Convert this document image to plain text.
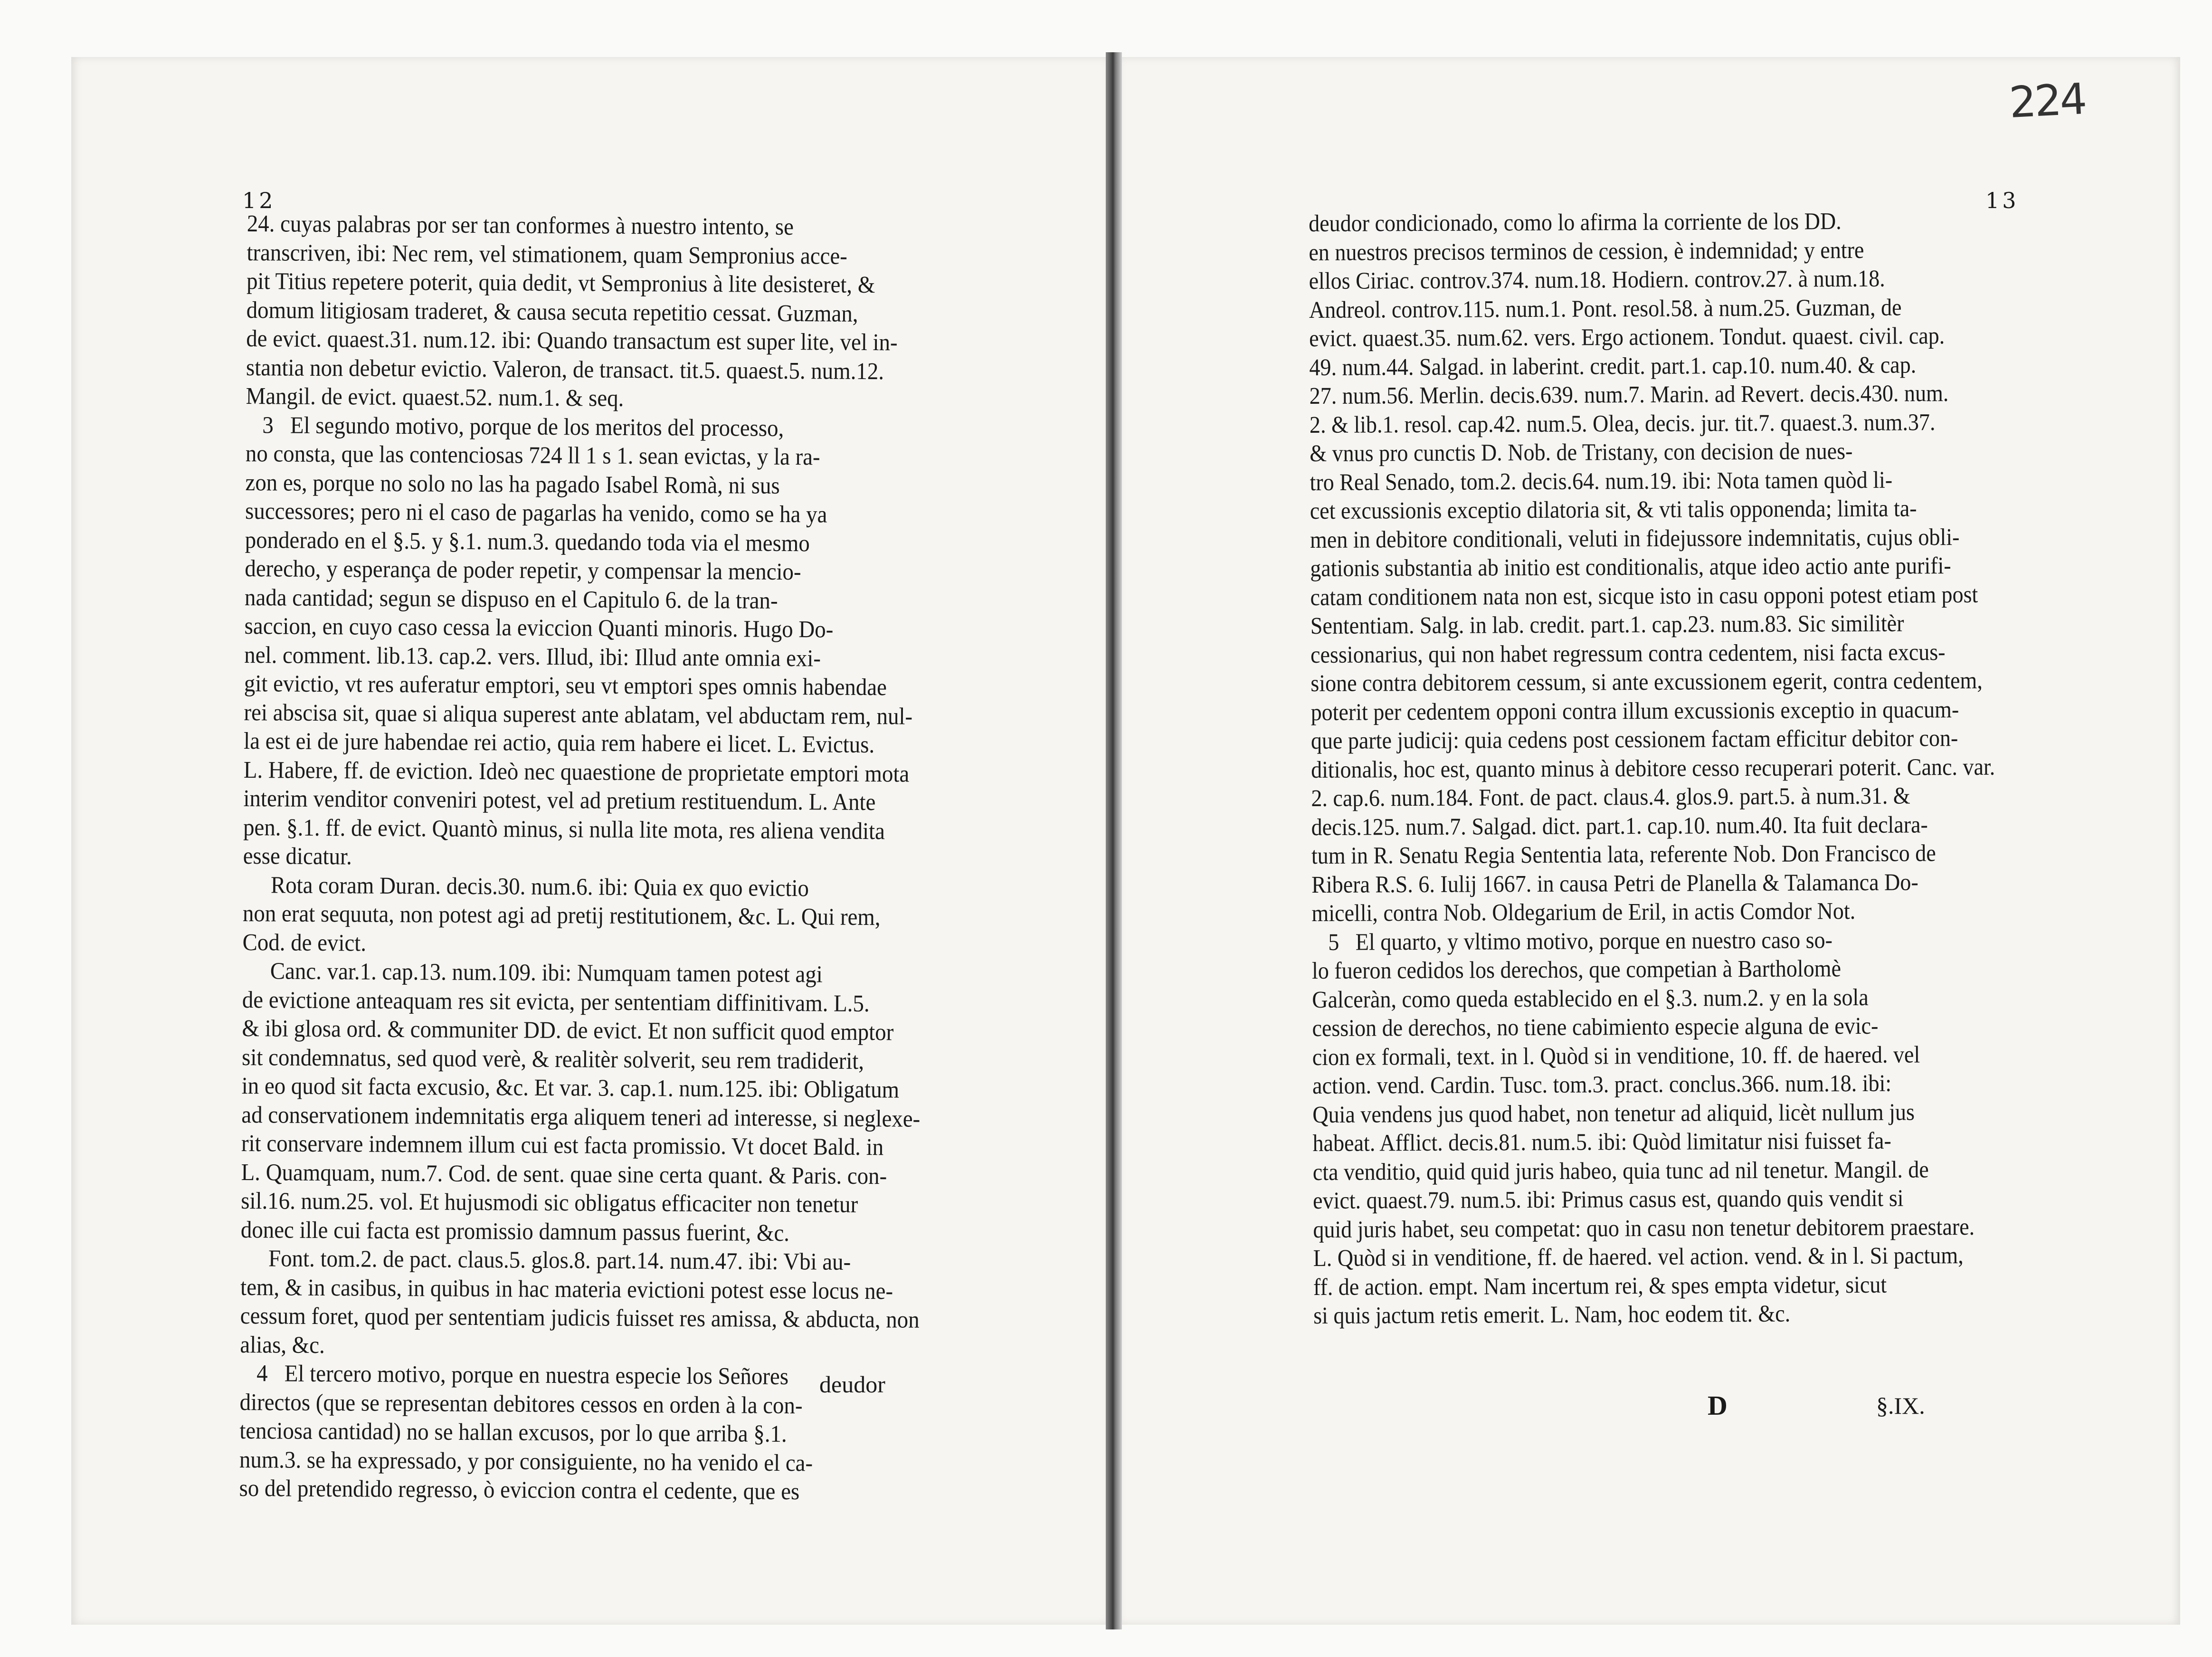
224
12	13
24. cuyas palabras por ser tan conformes à nuestro intento, se
transcriven, ibi: Nec rem, vel stimationem, quam Sempronius acce-
pit Titius repetere poterit, quia dedit, vt Sempronius à lite desisteret, &
domum litigiosam traderet, & causa secuta repetitio cessat. Guzman,
de evict. quaest.31. num.12. ibi: Quando transactum est super lite, vel in-
stantia non debetur evictio. Valeron, de transact. tit.5. quaest.5. num.12.
Mangil. de evict. quaest.52. num.1. & seq.
3   El segundo motivo, porque de los meritos del processo,
no consta, que las contenciosas 724 ll 1 s 1. sean evictas, y la ra-
zon es, porque no solo no las ha pagado Isabel Romà, ni sus
successores; pero ni el caso de pagarlas ha venido, como se ha ya
ponderado en el §.5. y §.1. num.3. quedando toda via el mesmo
derecho, y esperança de poder repetir, y compensar la mencio-
nada cantidad; segun se dispuso en el Capitulo 6. de la tran-
saccion, en cuyo caso cessa la eviccion Quanti minoris. Hugo Do-
nel. comment. lib.13. cap.2. vers. Illud, ibi: Illud ante omnia exi-
git evictio, vt res auferatur emptori, seu vt emptori spes omnis habendae
rei abscisa sit, quae si aliqua superest ante ablatam, vel abductam rem, nul-
la est ei de jure habendae rei actio, quia rem habere ei licet. L. Evictus.
L. Habere, ff. de eviction. Ideò nec quaestione de proprietate emptori mota
interim venditor conveniri potest, vel ad pretium restituendum. L. Ante
pen. §.1. ff. de evict. Quantò minus, si nulla lite mota, res aliena vendita
esse dicatur.
Rota coram Duran. decis.30. num.6. ibi: Quia ex quo evictio
non erat sequuta, non potest agi ad pretij restitutionem, &c. L. Qui rem,
Cod. de evict.
Canc. var.1. cap.13. num.109. ibi: Numquam tamen potest agi
de evictione anteaquam res sit evicta, per sententiam diffinitivam. L.5.
& ibi glosa ord. & communiter DD. de evict. Et non sufficit quod emptor
sit condemnatus, sed quod verè, & realitèr solverit, seu rem tradiderit,
in eo quod sit facta excusio, &c. Et var. 3. cap.1. num.125. ibi: Obligatum
ad conservationem indemnitatis erga aliquem teneri ad interesse, si neglexe-
rit conservare indemnem illum cui est facta promissio. Vt docet Bald. in
L. Quamquam, num.7. Cod. de sent. quae sine certa quant. & Paris. con-
sil.16. num.25. vol. Et hujusmodi sic obligatus efficaciter non tenetur
donec ille cui facta est promissio damnum passus fuerint, &c.
Font. tom.2. de pact. claus.5. glos.8. part.14. num.47. ibi: Vbi au-
tem, & in casibus, in quibus in hac materia evictioni potest esse locus ne-
cessum foret, quod per sententiam judicis fuisset res amissa, & abducta, non
alias, &c.
4   El tercero motivo, porque en nuestra especie los Señores
directos (que se representan debitores cessos en orden à la con-
tenciosa cantidad) no se hallan excusos, por lo que arriba §.1.
num.3. se ha expressado, y por consiguiente, no ha venido el ca-
so del pretendido regresso, ò eviccion contra el cedente, que es
deudor
deudor condicionado, como lo afirma la corriente de los DD.
en nuestros precisos terminos de cession, è indemnidad; y entre
ellos Ciriac. controv.374. num.18. Hodiern. controv.27. à num.18.
Andreol. controv.115. num.1. Pont. resol.58. à num.25. Guzman, de
evict. quaest.35. num.62. vers. Ergo actionem. Tondut. quaest. civil. cap.
49. num.44. Salgad. in laberint. credit. part.1. cap.10. num.40. & cap.
27. num.56. Merlin. decis.639. num.7. Marin. ad Revert. decis.430. num.
2. & lib.1. resol. cap.42. num.5. Olea, decis. jur. tit.7. quaest.3. num.37.
& vnus pro cunctis D. Nob. de Tristany, con decision de nues-
tro Real Senado, tom.2. decis.64. num.19. ibi: Nota tamen quòd li-
cet excussionis exceptio dilatoria sit, & vti talis opponenda; limita ta-
men in debitore conditionali, veluti in fidejussore indemnitatis, cujus obli-
gationis substantia ab initio est conditionalis, atque ideo actio ante purifi-
catam conditionem nata non est, sicque isto in casu opponi potest etiam post
Sententiam. Salg. in lab. credit. part.1. cap.23. num.83. Sic similitèr
cessionarius, qui non habet regressum contra cedentem, nisi facta excus-
sione contra debitorem cessum, si ante excussionem egerit, contra cedentem,
poterit per cedentem opponi contra illum excussionis exceptio in quacum-
que parte judicij: quia cedens post cessionem factam efficitur debitor con-
ditionalis, hoc est, quanto minus à debitore cesso recuperari poterit. Canc. var.
2. cap.6. num.184. Font. de pact. claus.4. glos.9. part.5. à num.31. &
decis.125. num.7. Salgad. dict. part.1. cap.10. num.40. Ita fuit declara-
tum in R. Senatu Regia Sententia lata, referente Nob. Don Francisco de
Ribera R.S. 6. Iulij 1667. in causa Petri de Planella & Talamanca Do-
micelli, contra Nob. Oldegarium de Eril, in actis Comdor Not.
5   El quarto, y vltimo motivo, porque en nuestro caso so-
lo fueron cedidos los derechos, que competian à Bartholomè
Galceràn, como queda establecido en el §.3. num.2. y en la sola
cession de derechos, no tiene cabimiento especie alguna de evic-
cion ex formali, text. in l. Quòd si in venditione, 10. ff. de haered. vel
action. vend. Cardin. Tusc. tom.3. pract. conclus.366. num.18. ibi:
Quia vendens jus quod habet, non tenetur ad aliquid, licèt nullum jus
habeat. Afflict. decis.81. num.5. ibi: Quòd limitatur nisi fuisset fa-
cta venditio, quid quid juris habeo, quia tunc ad nil tenetur. Mangil. de
evict. quaest.79. num.5. ibi: Primus casus est, quando quis vendit si
quid juris habet, seu competat: quo in casu non tenetur debitorem praestare.
L. Quòd si in venditione, ff. de haered. vel action. vend. & in l. Si pactum,
ff. de action. empt. Nam incertum rei, & spes empta videtur, sicut
si quis jactum retis emerit. L. Nam, hoc eodem tit. &c.
D	§.IX.
